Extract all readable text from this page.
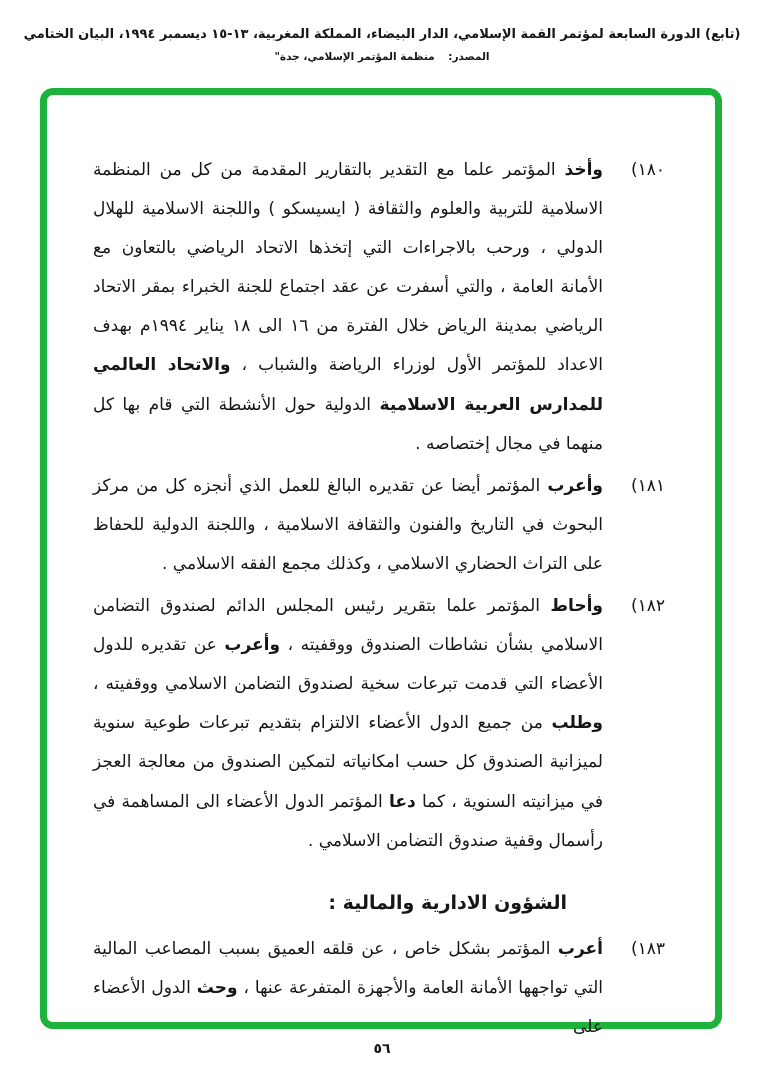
(تابع) الدورة السابعة لمؤتمر القمة الإسلامي، الدار البيضاء، المملكة المغربية، ١٣-١٥ ديسمبر ١٩٩٤، البيان الختامي
المصدر: منظمة المؤتمر الإسلامي، جدة"
١٨٠)
وأخذ المؤتمر علما مع التقدير بالتقارير المقدمة من كل من المنظمة الاسلامية للتربية والعلوم والثقافة ( ايسيسكو ) واللجنة الاسلامية للهلال الدولي ، ورحب بالاجراءات التي إتخذها الاتحاد الرياضي بالتعاون مع الأمانة العامة ، والتي أسفرت عن عقد اجتماع للجنة الخبراء بمقر الاتحاد الرياضي بمدينة الرياض خلال الفترة من ١٦ الى ١٨ يناير ١٩٩٤م بهدف الاعداد للمؤتمر الأول لوزراء الرياضة والشباب ، والاتحاد العالمي للمدارس العربية الاسلامية الدولية حول الأنشطة التي قام بها كل منهما في مجال إختصاصه .
١٨١)
وأعرب المؤتمر أيضا عن تقديره البالغ للعمل الذي أنجزه كل من مركز البحوث في التاريخ والفنون والثقافة الاسلامية ، واللجنة الدولية للحفاظ على التراث الحضاري الاسلامي ، وكذلك مجمع الفقه الاسلامي .
١٨٢)
وأحاط المؤتمر علما بتقرير رئيس المجلس الدائم لصندوق التضامن الاسلامي بشأن نشاطات الصندوق ووقفيته ، وأعرب عن تقديره للدول الأعضاء التي قدمت تبرعات سخية لصندوق التضامن الاسلامي ووقفيته ، وطلب من جميع الدول الأعضاء الالتزام بتقديم تبرعات طوعية سنوية لميزانية الصندوق كل حسب امكانياته لتمكين الصندوق من معالجة العجز في ميزانيته السنوية ، كما دعا المؤتمر الدول الأعضاء الى المساهمة في رأسمال وقفية صندوق التضامن الاسلامي .
الشؤون الادارية والمالية :
١٨٣)
أعرب المؤتمر بشكل خاص ، عن قلقه العميق بسبب المصاعب المالية التي تواجهها الأمانة العامة والأجهزة المتفرعة عنها ، وحث الدول الأعضاء على
٥٦
